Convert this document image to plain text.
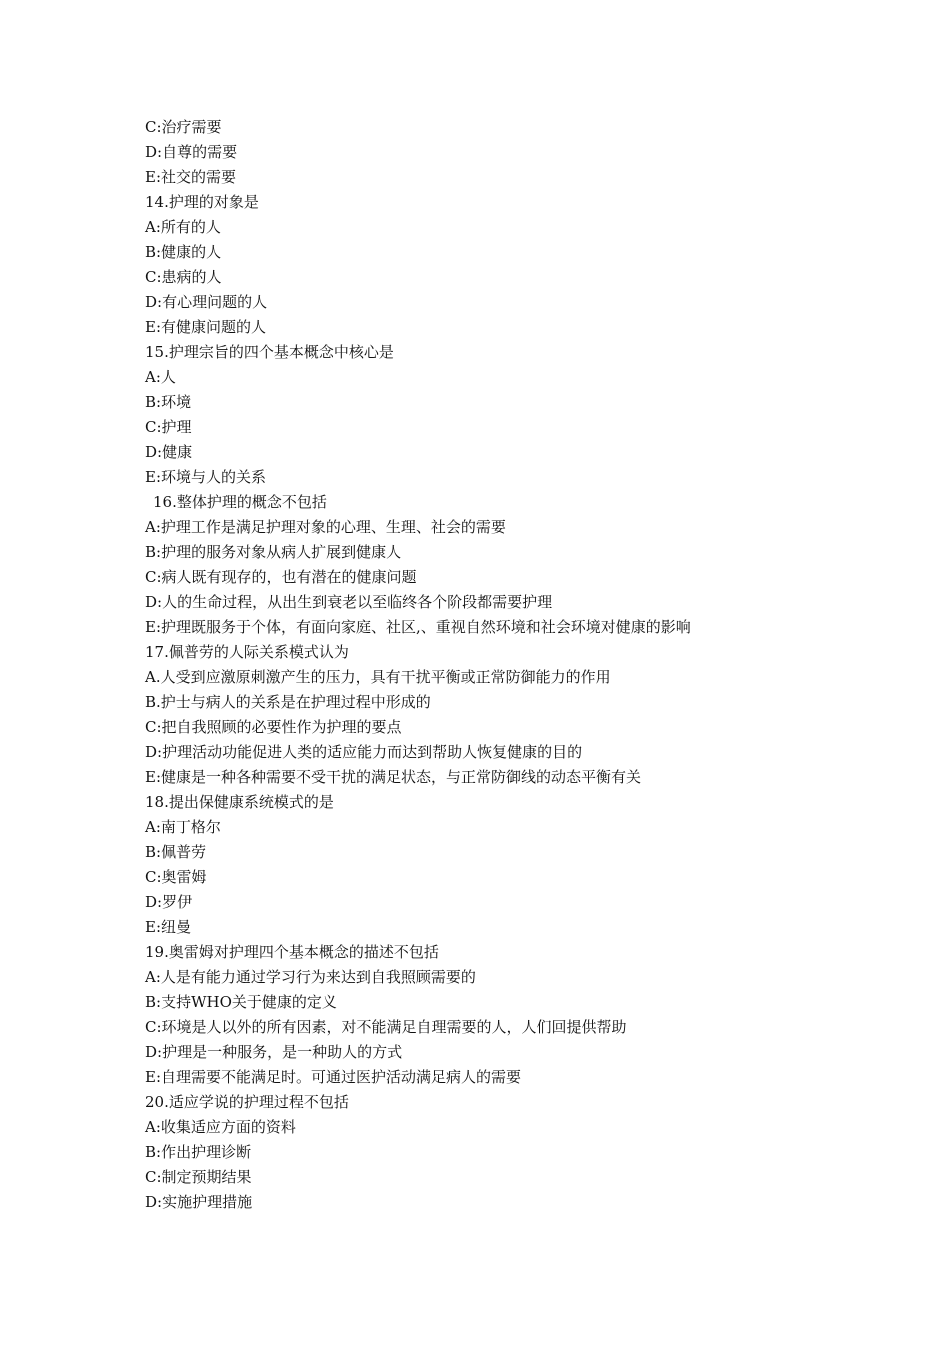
C:治疗需要
D:自尊的需要
E:社交的需要
14.护理的对象是
A:所有的人
B:健康的人
C:患病的人
D:有心理问题的人
E:有健康问题的人
15.护理宗旨的四个基本概念中核心是
A:人
B:环境
C:护理
D:健康
E:环境与人的关系
16.整体护理的概念不包括
A:护理工作是满足护理对象的心理、生理、社会的需要
B:护理的服务对象从病人扩展到健康人
C:病人既有现存的，也有潜在的健康问题
D:人的生命过程，从出生到衰老以至临终各个阶段都需要护理
E:护理既服务于个体，有面向家庭、社区,、重视自然环境和社会环境对健康的影响
17.佩普劳的人际关系模式认为
A.人受到应激原刺激产生的压力，具有干扰平衡或正常防御能力的作用
B.护士与病人的关系是在护理过程中形成的
C:把自我照顾的必要性作为护理的要点
D:护理活动功能促进人类的适应能力而达到帮助人恢复健康的目的
E:健康是一种各种需要不受干扰的满足状态，与正常防御线的动态平衡有关
18.提出保健康系统模式的是
A:南丁格尔
B:佩普劳
C:奥雷姆
D:罗伊
E:纽曼
19.奥雷姆对护理四个基本概念的描述不包括
A:人是有能力通过学习行为来达到自我照顾需要的
B:支持WHO关于健康的定义
C:环境是人以外的所有因素，对不能满足自理需要的人，人们回提供帮助
D:护理是一种服务，是一种助人的方式
E:自理需要不能满足时。可通过医护活动满足病人的需要
20.适应学说的护理过程不包括
A:收集适应方面的资料
B:作出护理诊断
C:制定预期结果
D:实施护理措施
